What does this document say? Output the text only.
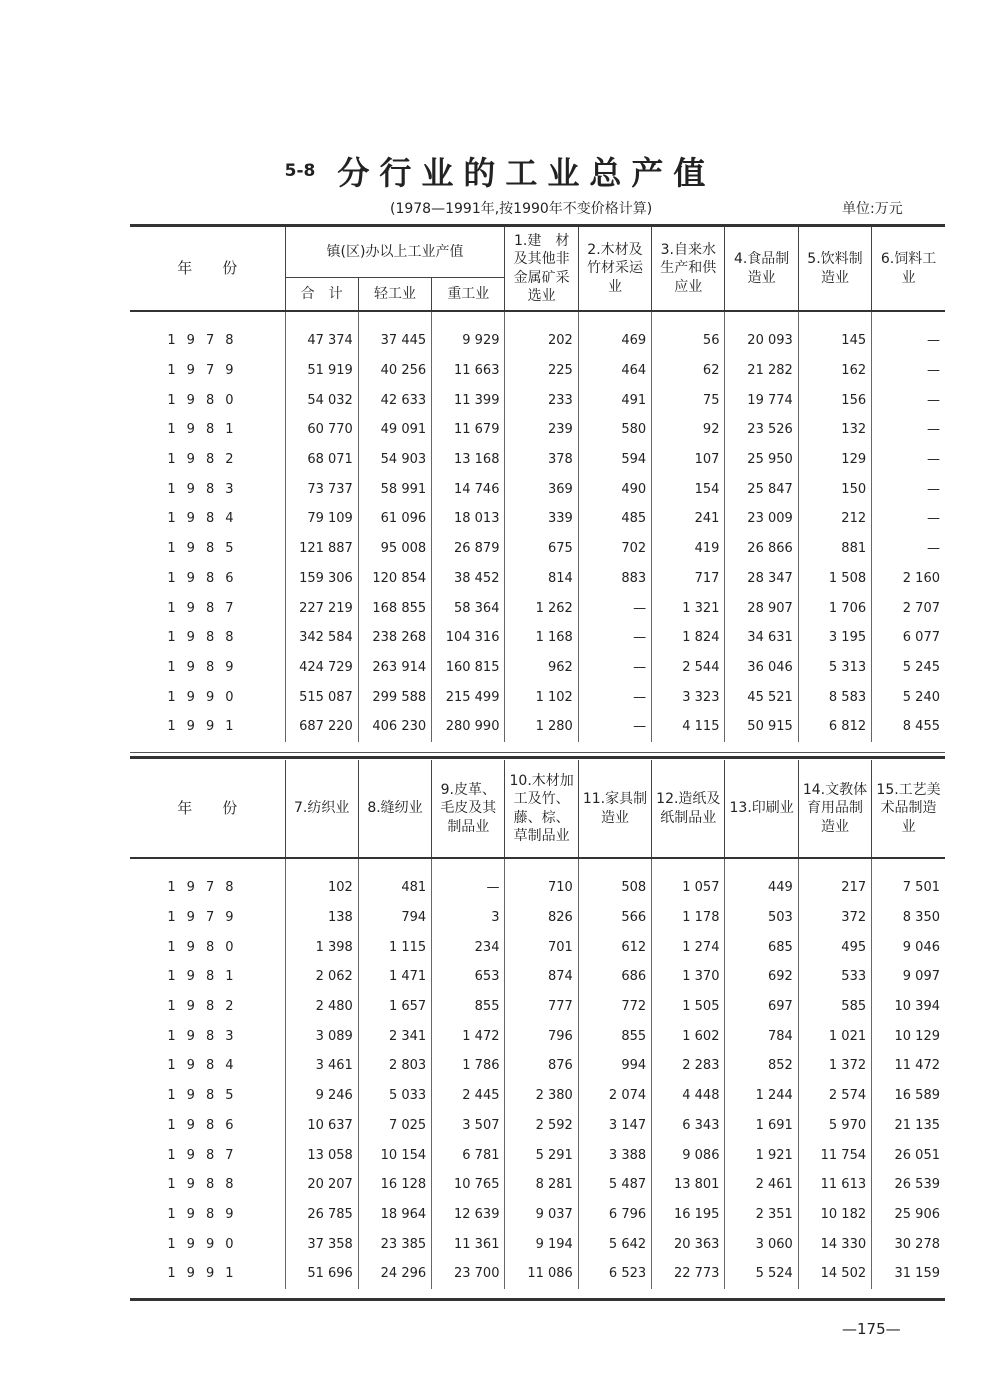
5-8 分行业的工业总产值
(1978—1991年,按1990年不变价格计算)	单位:万元
年　　份	镇(区)办以上工业产值			1.建　材及其他非金属矿采选业	2.木材及竹材采运业	3.自来水生产和供应业	4.食品制造业	5.饮料制造业	6.饲料工　业
	合　计	轻工业	重工业						

1978	47 374	37 445	9 929	202	469	56	20 093	145	—
1979	51 919	40 256	11 663	225	464	62	21 282	162	—
1980	54 032	42 633	11 399	233	491	75	19 774	156	—
1981	60 770	49 091	11 679	239	580	92	23 526	132	—
1982	68 071	54 903	13 168	378	594	107	25 950	129	—
1983	73 737	58 991	14 746	369	490	154	25 847	150	—
1984	79 109	61 096	18 013	339	485	241	23 009	212	—
1985	121 887	95 008	26 879	675	702	419	26 866	881	—
1986	159 306	120 854	38 452	814	883	717	28 347	1 508	2 160
1987	227 219	168 855	58 364	1 262	—	1 321	28 907	1 706	2 707
1988	342 584	238 268	104 316	1 168	—	1 824	34 631	3 195	6 077
1989	424 729	263 914	160 815	962	—	2 544	36 046	5 313	5 245
1990	515 087	299 588	215 499	1 102	—	3 323	45 521	8 583	5 240
1991	687 220	406 230	280 990	1 280	—	4 115	50 915	6 812	8 455
年　　份	7.纺织业	8.缝纫业	9.皮革、毛皮及其制品业	10.木材加工及竹、藤、棕、草制品业	11.家具制造业	12.造纸及纸制品业	13.印刷业	14.文教体育用品制造业	15.工艺美术品制造业

1978	102	481	—	710	508	1 057	449	217	7 501
1979	138	794	3	826	566	1 178	503	372	8 350
1980	1 398	1 115	234	701	612	1 274	685	495	9 046
1981	2 062	1 471	653	874	686	1 370	692	533	9 097
1982	2 480	1 657	855	777	772	1 505	697	585	10 394
1983	3 089	2 341	1 472	796	855	1 602	784	1 021	10 129
1984	3 461	2 803	1 786	876	994	2 283	852	1 372	11 472
1985	9 246	5 033	2 445	2 380	2 074	4 448	1 244	2 574	16 589
1986	10 637	7 025	3 507	2 592	3 147	6 343	1 691	5 970	21 135
1987	13 058	10 154	6 781	5 291	3 388	9 086	1 921	11 754	26 051
1988	20 207	16 128	10 765	8 281	5 487	13 801	2 461	11 613	26 539
1989	26 785	18 964	12 639	9 037	6 796	16 195	2 351	10 182	25 906
1990	37 358	23 385	11 361	9 194	5 642	20 363	3 060	14 330	30 278
1991	51 696	24 296	23 700	11 086	6 523	22 773	5 524	14 502	31 159
—175—
